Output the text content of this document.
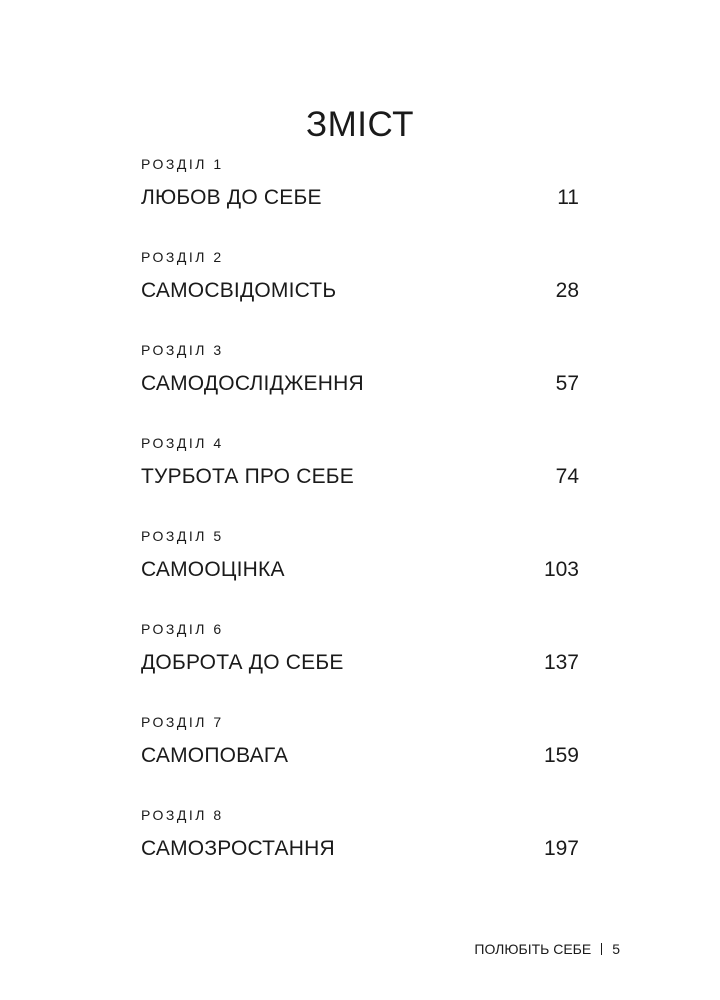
ЗМІСТ
РОЗДІЛ 1
ЛЮБОВ ДО СЕБЕ	11
РОЗДІЛ 2
САМОСВІДОМІСТЬ	28
РОЗДІЛ 3
САМОДОСЛІДЖЕННЯ	57
РОЗДІЛ 4
ТУРБОТА ПРО СЕБЕ	74
РОЗДІЛ 5
САМООЦІНКА	103
РОЗДІЛ 6
ДОБРОТА ДО СЕБЕ	137
РОЗДІЛ 7
САМОПОВАГА	159
РОЗДІЛ 8
САМОЗРОСТАННЯ	197
ПОЛЮБІТЬ СЕБЕ 5
